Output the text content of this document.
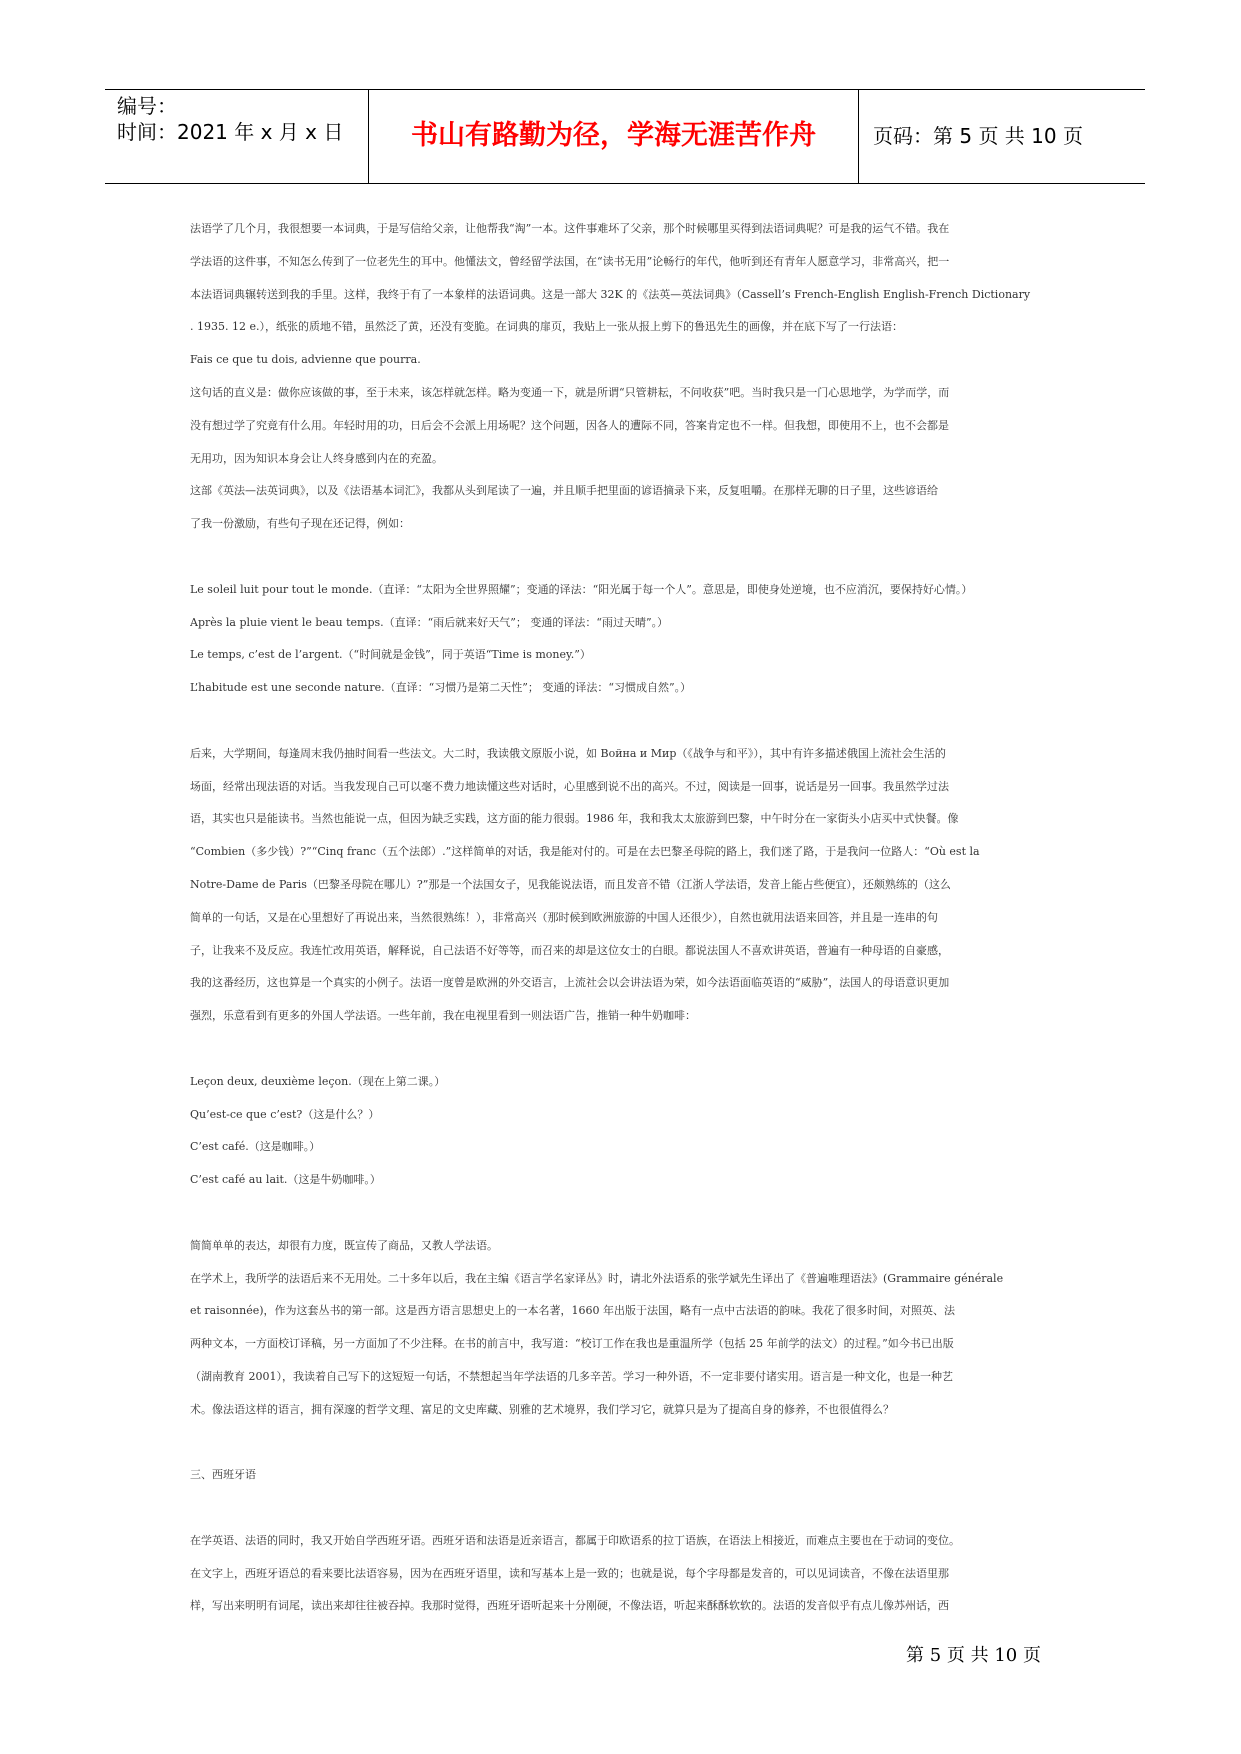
编号：
时间：2021 年 x 月 x 日	书山有路勤为径，学海无涯苦作舟	页码：第 5 页 共 10 页
法语学了几个月，我很想要一本词典，于是写信给父亲，让他帮我“淘”一本。这件事难坏了父亲，那个时候哪里买得到法语词典呢？可是我的运气不错。我在
学法语的这件事，不知怎么传到了一位老先生的耳中。他懂法文，曾经留学法国，在“读书无用”论畅行的年代，他听到还有青年人愿意学习，非常高兴，把一
本法语词典辗转送到我的手里。这样，我终于有了一本象样的法语词典。这是一部大 32K 的《法英—英法词典》（Cassell’s French-English English-French Dictionary
. 1935. 12 e.），纸张的质地不错，虽然泛了黄，还没有变脆。在词典的扉页，我贴上一张从报上剪下的鲁迅先生的画像，并在底下写了一行法语：
Fais ce que tu dois, advienne que pourra.
这句话的直义是：做你应该做的事，至于未来，该怎样就怎样。略为变通一下，就是所谓“只管耕耘，不问收获”吧。当时我只是一门心思地学，为学而学，而
没有想过学了究竟有什么用。年轻时用的功，日后会不会派上用场呢？这个问题，因各人的遭际不同，答案肯定也不一样。但我想，即使用不上，也不会都是
无用功，因为知识本身会让人终身感到内在的充盈。
这部《英法—法英词典》，以及《法语基本词汇》，我都从头到尾读了一遍，并且顺手把里面的谚语摘录下来，反复咀嚼。在那样无聊的日子里，这些谚语给
了我一份激励，有些句子现在还记得，例如：
Le soleil luit pour tout le monde.（直译：“太阳为全世界照耀”；变通的译法：“阳光属于每一个人”。意思是，即使身处逆境，也不应消沉，要保持好心情。）
Après la pluie vient le beau temps.（直译：“雨后就来好天气”； 变通的译法：“雨过天晴”。）
Le temps, c’est de l’argent.（“时间就是金钱”，同于英语“Time is money.”）
L’habitude est une seconde nature.（直译：“习惯乃是第二天性”； 变通的译法：“习惯成自然”。）
后来，大学期间，每逢周末我仍抽时间看一些法文。大二时，我读俄文原版小说，如 Война и Мир（《战争与和平》），其中有许多描述俄国上流社会生活的
场面，经常出现法语的对话。当我发现自己可以毫不费力地读懂这些对话时，心里感到说不出的高兴。不过，阅读是一回事，说话是另一回事。我虽然学过法
语，其实也只是能读书。当然也能说一点，但因为缺乏实践，这方面的能力很弱。1986 年，我和我太太旅游到巴黎，中午时分在一家街头小店买中式快餐。像
“Combien（多少钱）?”“Cinq franc（五个法郎）.”这样简单的对话，我是能对付的。可是在去巴黎圣母院的路上，我们迷了路，于是我问一位路人：“Où est la
Notre-Dame de Paris（巴黎圣母院在哪儿）?”那是一个法国女子，见我能说法语，而且发音不错（江浙人学法语，发音上能占些便宜），还颇熟练的（这么
简单的一句话，又是在心里想好了再说出来，当然很熟练！），非常高兴（那时候到欧洲旅游的中国人还很少），自然也就用法语来回答，并且是一连串的句
子，让我来不及反应。我连忙改用英语，解释说，自己法语不好等等，而召来的却是这位女士的白眼。都说法国人不喜欢讲英语，普遍有一种母语的自豪感，
我的这番经历，这也算是一个真实的小例子。法语一度曾是欧洲的外交语言，上流社会以会讲法语为荣，如今法语面临英语的“威胁”，法国人的母语意识更加
强烈，乐意看到有更多的外国人学法语。一些年前，我在电视里看到一则法语广告，推销一种牛奶咖啡：
Leçon deux, deuxième leçon.（现在上第二课。）
Qu’est-ce que c’est?（这是什么？）
C’est café.（这是咖啡。）
C’est café au lait.（这是牛奶咖啡。）
简简单单的表达，却很有力度，既宣传了商品，又教人学法语。
在学术上，我所学的法语后来不无用处。二十多年以后，我在主编《语言学名家译丛》时，请北外法语系的张学斌先生译出了《普遍唯理语法》(Grammaire générale
et raisonnée)，作为这套丛书的第一部。这是西方语言思想史上的一本名著，1660 年出版于法国，略有一点中古法语的韵味。我花了很多时间，对照英、法
两种文本，一方面校订译稿，另一方面加了不少注释。在书的前言中，我写道：“校订工作在我也是重温所学（包括 25 年前学的法文）的过程。”如今书已出版
（湖南教育 2001），我读着自己写下的这短短一句话，不禁想起当年学法语的几多辛苦。学习一种外语，不一定非要付诸实用。语言是一种文化，也是一种艺
术。像法语这样的语言，拥有深邃的哲学文理、富足的文史库藏、别雅的艺术境界，我们学习它，就算只是为了提高自身的修养，不也很值得么？
三、西班牙语
在学英语、法语的同时，我又开始自学西班牙语。西班牙语和法语是近亲语言，都属于印欧语系的拉丁语族，在语法上相接近，而难点主要也在于动词的变位。
在文字上，西班牙语总的看来要比法语容易，因为在西班牙语里，读和写基本上是一致的；也就是说，每个字母都是发音的，可以见词读音，不像在法语里那
样，写出来明明有词尾，读出来却往往被吞掉。我那时觉得，西班牙语听起来十分刚硬，不像法语，听起来酥酥软软的。法语的发音似乎有点儿像苏州话，西
第 5 页 共 10 页
